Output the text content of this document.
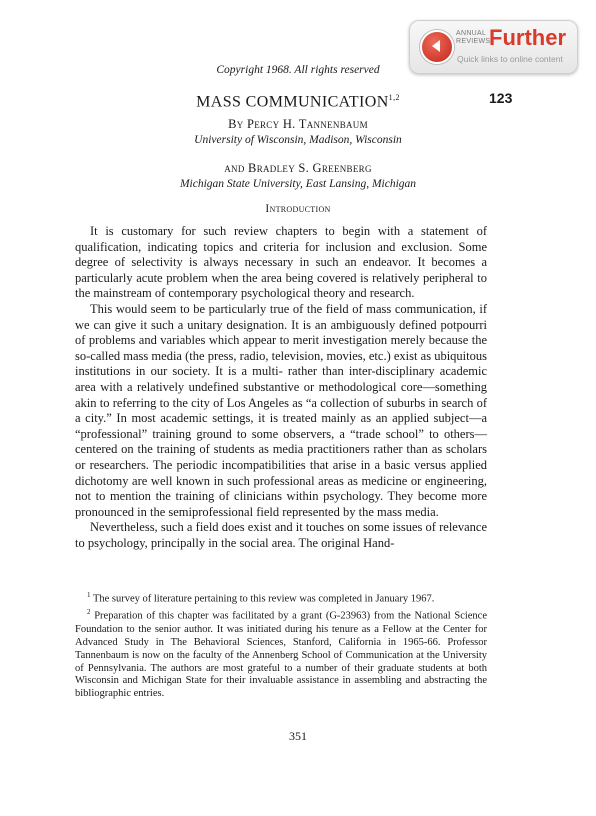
ANNUAL
REVIEWS
Further
Quick links to online content
Copyright 1968. All rights reserved
123
MASS COMMUNICATION$^{1,2}$
By Percy H. Tannenbaum
University of Wisconsin, Madison, Wisconsin
and Bradley S. Greenberg
Michigan State University, East Lansing, Michigan
Introduction

It is customary for such review chapters to begin with a statement of qualification, indicating topics and criteria for inclusion and exclusion. Some degree of selectivity is always necessary in such an endeavor. It becomes a particularly acute problem when the area being covered is relatively peripheral to the mainstream of contemporary psychological theory and research.

This would seem to be particularly true of the field of mass communication, if we can give it such a unitary designation. It is an ambiguously defined potpourri of problems and variables which appear to merit investigation merely because the so-called mass media (the press, radio, television, movies, etc.) exist as ubiquitous institutions in our society. It is a multi- rather than inter-disciplinary academic area with a relatively undefined substantive or methodological core—something akin to referring to the city of Los Angeles as “a collection of suburbs in search of a city.” In most academic settings, it is treated mainly as an applied subject—a “professional” training ground to some observers, a “trade school” to others—centered on the training of students as media practitioners rather than as scholars or researchers. The periodic incompatibilities that arise in a basic versus applied dichotomy are well known in such professional areas as medicine or engineering, not to mention the training of clinicians within psychology. They become more pronounced in the semiprofessional field represented by the mass media.

Nevertheless, such a field does exist and it touches on some issues of relevance to psychology, principally in the social area. The original Hand-

$^1$ The survey of literature pertaining to this review was completed in January 1967.

$^2$ Preparation of this chapter was facilitated by a grant (G-23963) from the National Science Foundation to the senior author. It was initiated during his tenure as a Fellow at the Center for Advanced Study in The Behavioral Sciences, Stanford, California in 1965-66. Professor Tannenbaum is now on the faculty of the Annenberg School of Communication at the University of Pennsylvania. The authors are most grateful to a number of their graduate students at both Wisconsin and Michigan State for their invaluable assistance in assembling and abstracting the bibliographic entries.

351
